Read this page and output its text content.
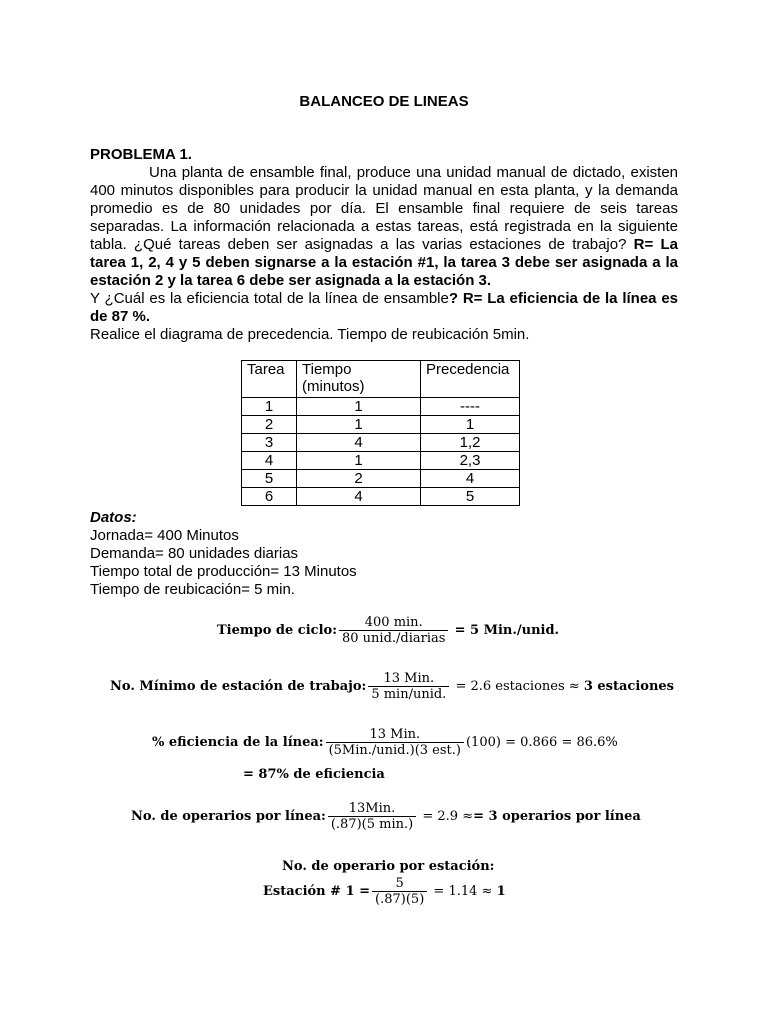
BALANCEO DE LINEAS
PROBLEMA 1.
Una planta de ensamble final, produce una unidad manual de dictado, existen 400 minutos disponibles para producir la unidad manual en esta planta, y la demanda promedio es de 80 unidades por día. El ensamble final requiere de seis tareas separadas. La información relacionada a estas tareas, está registrada en la siguiente tabla. ¿Qué tareas deben ser asignadas a las varias estaciones de trabajo? R= La tarea 1, 2, 4 y 5 deben signarse a la estación #1, la tarea 3 debe ser asignada a la estación 2 y la tarea 6 debe ser asignada a la estación 3.
Y ¿Cuál es la eficiencia total de la línea de ensamble? R= La eficiencia de la línea es de 87 %.
Realice el diagrama de precedencia. Tiempo de reubicación 5min.
Tarea	Tiempo (minutos)	Precedencia
1	1	----
2	1	1
3	4	1,2
4	1	2,3
5	2	4
6	4	5
Datos:
Jornada= 400 Minutos
Demanda= 80 unidades diarias
Tiempo total de producción= 13 Minutos
Tiempo de reubicación= 5 min.
Tiempo de ciclo: $\frac{400 \min.}{\text{80 unid./diarias}} = 5$ Min./unid.
No. Mínimo de estación de trabajo: $\frac{\text{13 Min.}}{\text{5 min/unid.}} = 2.6$ estaciones ≈ 3 estaciones
% eficiencia de la línea: $\frac{\text{13 Min.}}{\text{(5Min./unid.)(3 est.)}} (100) = 0.866 = 86.6\%$
= 87% de eficiencia
No. de operarios por línea: $\frac{\text{13Min.}}{(.87)(5 \min.)} = 2.9 \approx= 3$ operarios por línea
No. de operario por estación:
Estación # $1 = \frac{5}{(.87)(5)} = 1.14 \approx 1$
